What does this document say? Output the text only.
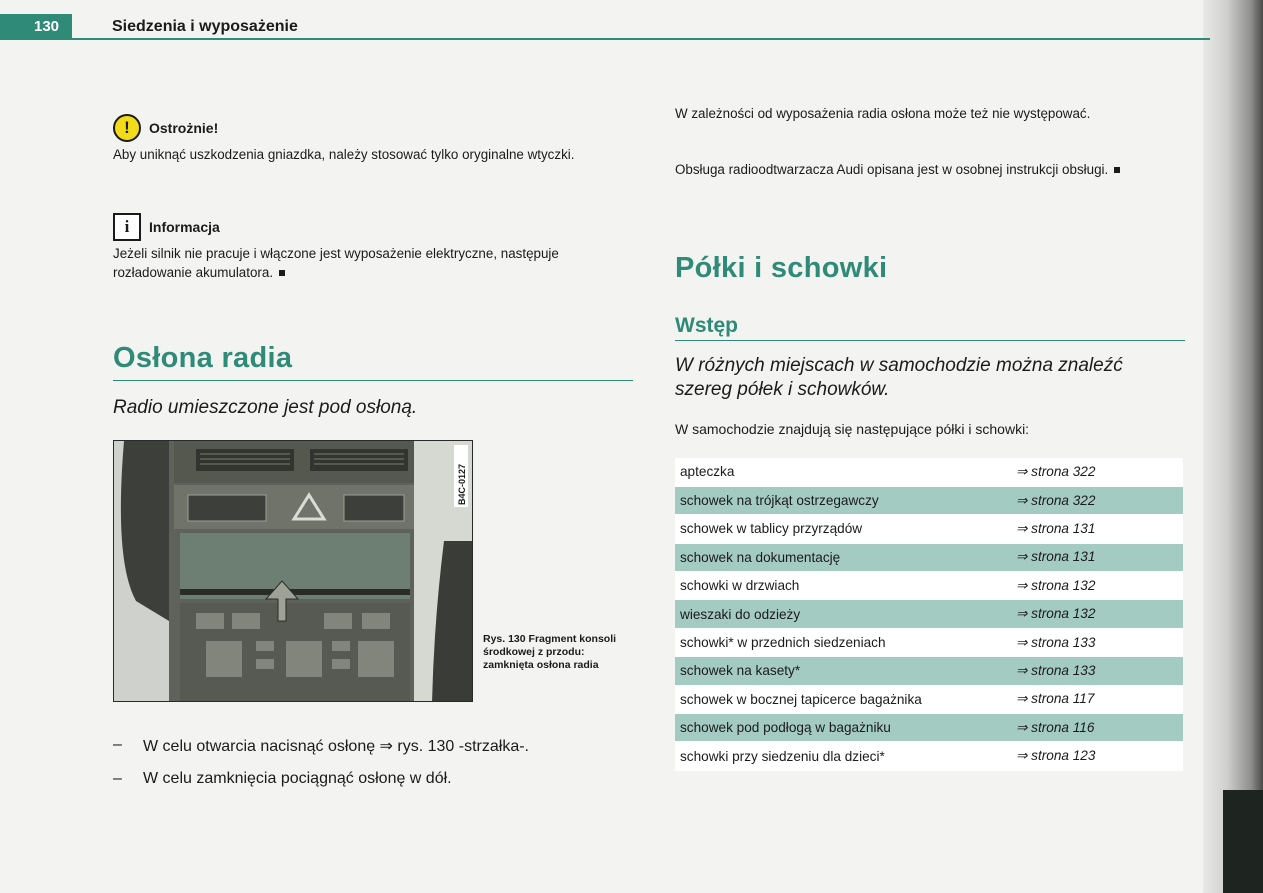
130	Siedzenia i wyposażenie
!	Ostrożnie!

Aby uniknąć uszkodzenia gniazdka, należy stosować tylko oryginalne wtyczki.

i	Informacja

Jeżeli silnik nie pracuje i włączone jest wyposażenie elektryczne, następuje rozładowanie akumulatora.

Osłona radia

Radio umieszczone jest pod osłoną.

B4C-0127
Rys. 130 Fragment konsoli środkowej z przodu: zamknięta osłona radia
–	W celu otwarcia nacisnąć osłonę ⇒ rys. 130 -strzałka-.
–	W celu zamknięcia pociągnąć osłonę w dół.

W zależności od wyposażenia radia osłona może też nie występować.

Obsługa radioodtwarzacza Audi opisana jest w osobnej instrukcji obsługi.

Półki i schowki
Wstęp

W różnych miejscach w samochodzie można znaleźć szereg półek i schowków.

W samochodzie znajdują się następujące półki i schowki:

apteczka	⇒ strona 322
schowek na trójkąt ostrzegawczy	⇒ strona 322
schowek w tablicy przyrządów	⇒ strona 131
schowek na dokumentację	⇒ strona 131
schowki w drzwiach	⇒ strona 132
wieszaki do odzieży	⇒ strona 132
schowki* w przednich siedzeniach	⇒ strona 133
schowek na kasety*	⇒ strona 133
schowek w bocznej tapicerce bagażnika	⇒ strona 117
schowek pod podłogą w bagażniku	⇒ strona 116
schowki przy siedzeniu dla dzieci*	⇒ strona 123
